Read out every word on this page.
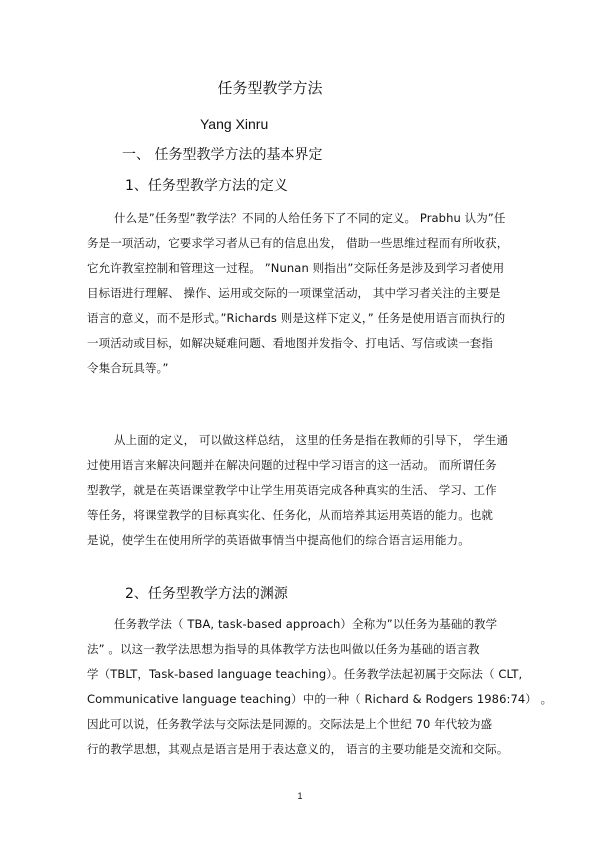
任务型教学方法
Yang Xinru
一、 任务型教学方法的基本界定
1、任务型教学方法的定义
什么是”任务型”教学法？不同的人给任务下了不同的定义。 Prabhu 认为”任
务是一项活动，它要求学习者从已有的信息出发， 借助一些思维过程而有所收获，
它允许教室控制和管理这一过程。 ”Nunan 则指出”交际任务是涉及到学习者使用
目标语进行理解、 操作、运用或交际的一项课堂活动， 其中学习者关注的主要是
语言的意义，而不是形式。”Richards 则是这样下定义，” 任务是使用语言而执行的
一项活动或目标，如解决疑难问题、看地图并发指令、打电话、写信或读一套指
令集合玩具等。”
从上面的定义， 可以做这样总结， 这里的任务是指在教师的引导下， 学生通
过使用语言来解决问题并在解决问题的过程中学习语言的这一活动。 而所谓任务
型教学，就是在英语课堂教学中让学生用英语完成各种真实的生活、 学习、工作
等任务，将课堂教学的目标真实化、任务化，从而培养其运用英语的能力。也就
是说，使学生在使用所学的英语做事情当中提高他们的综合语言运用能力。
2、任务型教学方法的渊源
任务教学法（ TBA, task-based approach）全称为”以任务为基础的教学
法” 。以这一教学法思想为指导的具体教学方法也叫做以任务为基础的语言教
学（TBLT，Task-based language teaching）。任务教学法起初属于交际法（ CLT,
Communicative language teaching）中的一种（ Richard & Rodgers 1986:74） 。
因此可以说，任务教学法与交际法是同源的。交际法是上个世纪 70 年代较为盛
行的教学思想，其观点是语言是用于表达意义的， 语言的主要功能是交流和交际。
1
